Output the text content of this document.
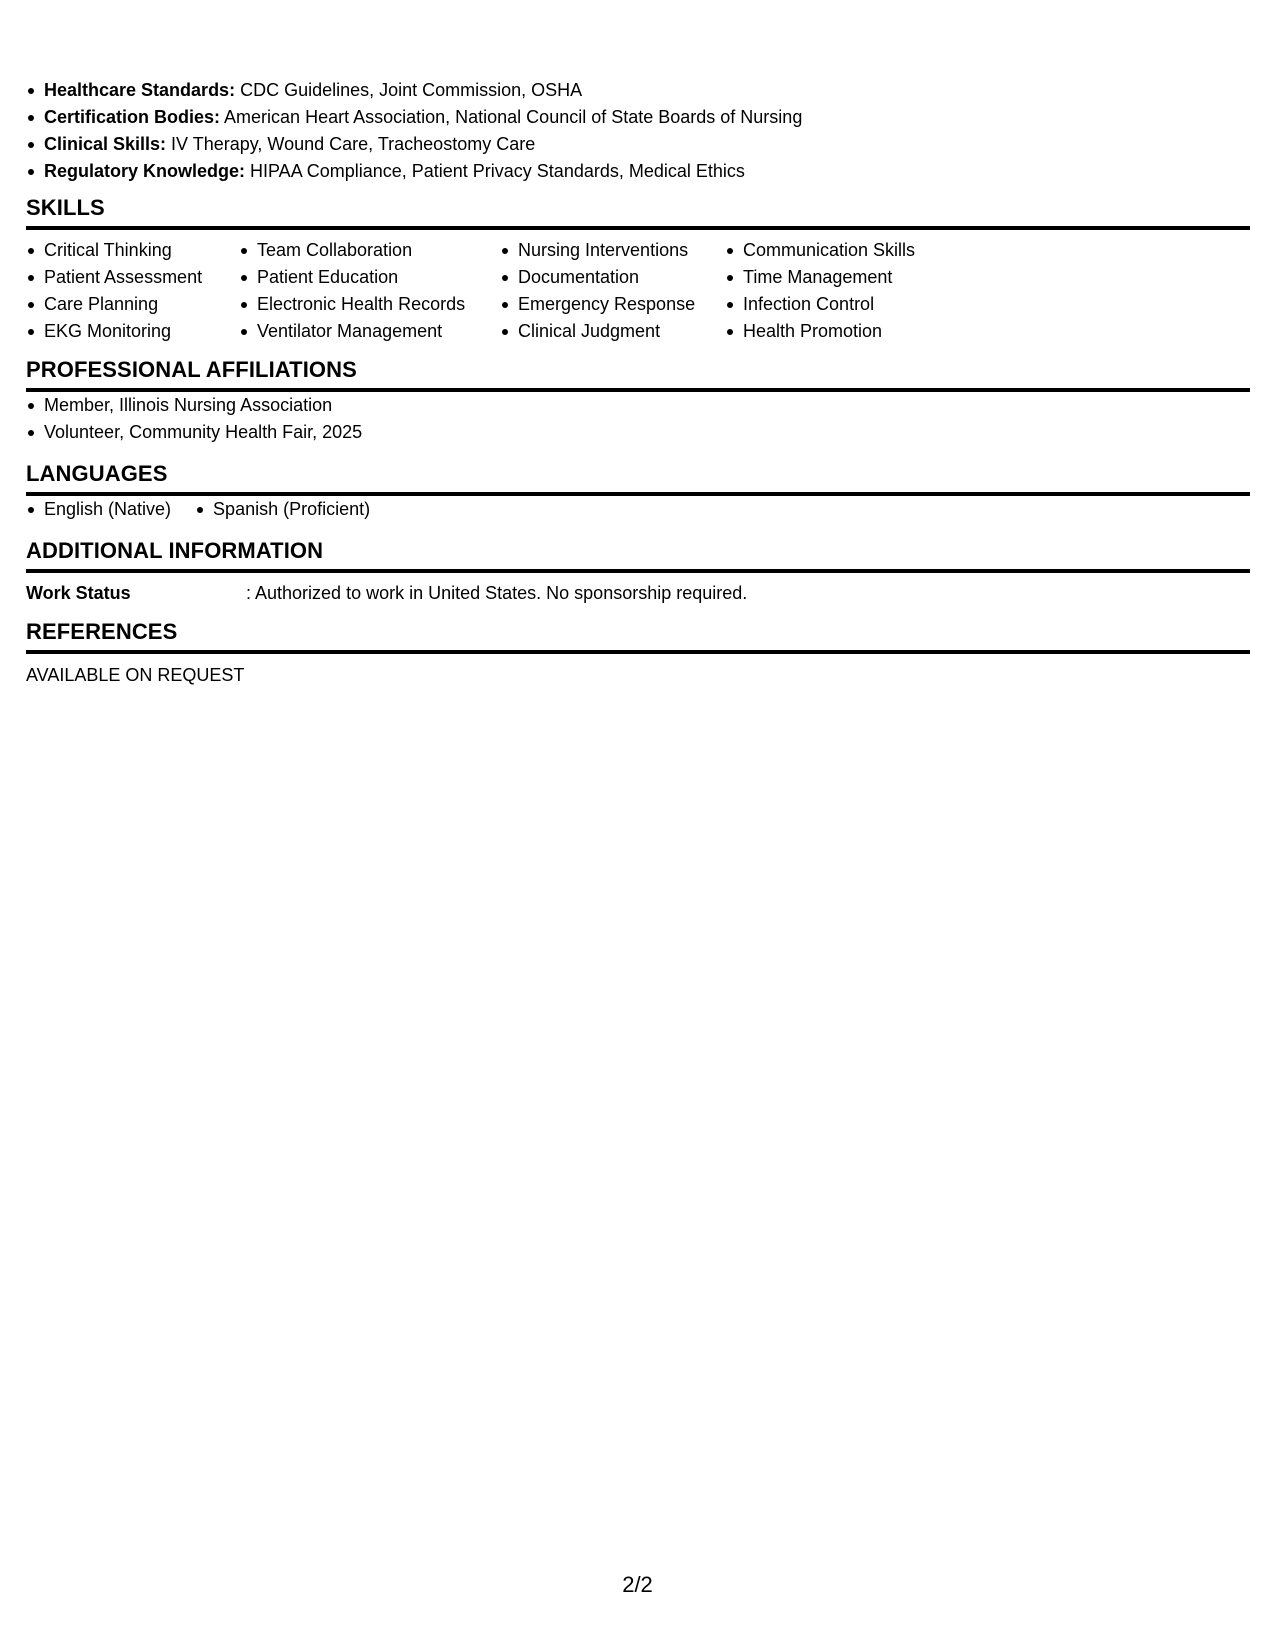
Healthcare Standards: CDC Guidelines, Joint Commission, OSHA
Certification Bodies: American Heart Association, National Council of State Boards of Nursing
Clinical Skills: IV Therapy, Wound Care, Tracheostomy Care
Regulatory Knowledge: HIPAA Compliance, Patient Privacy Standards, Medical Ethics
SKILLS
Critical Thinking
Patient Assessment
Care Planning
EKG Monitoring
Team Collaboration
Patient Education
Electronic Health Records
Ventilator Management
Nursing Interventions
Documentation
Emergency Response
Clinical Judgment
Communication Skills
Time Management
Infection Control
Health Promotion
PROFESSIONAL AFFILIATIONS
Member, Illinois Nursing Association
Volunteer, Community Health Fair, 2025
LANGUAGES
English (Native)	Spanish (Proficient)
ADDITIONAL INFORMATION
Work Status	: Authorized to work in United States. No sponsorship required.
REFERENCES
AVAILABLE ON REQUEST
2/2
